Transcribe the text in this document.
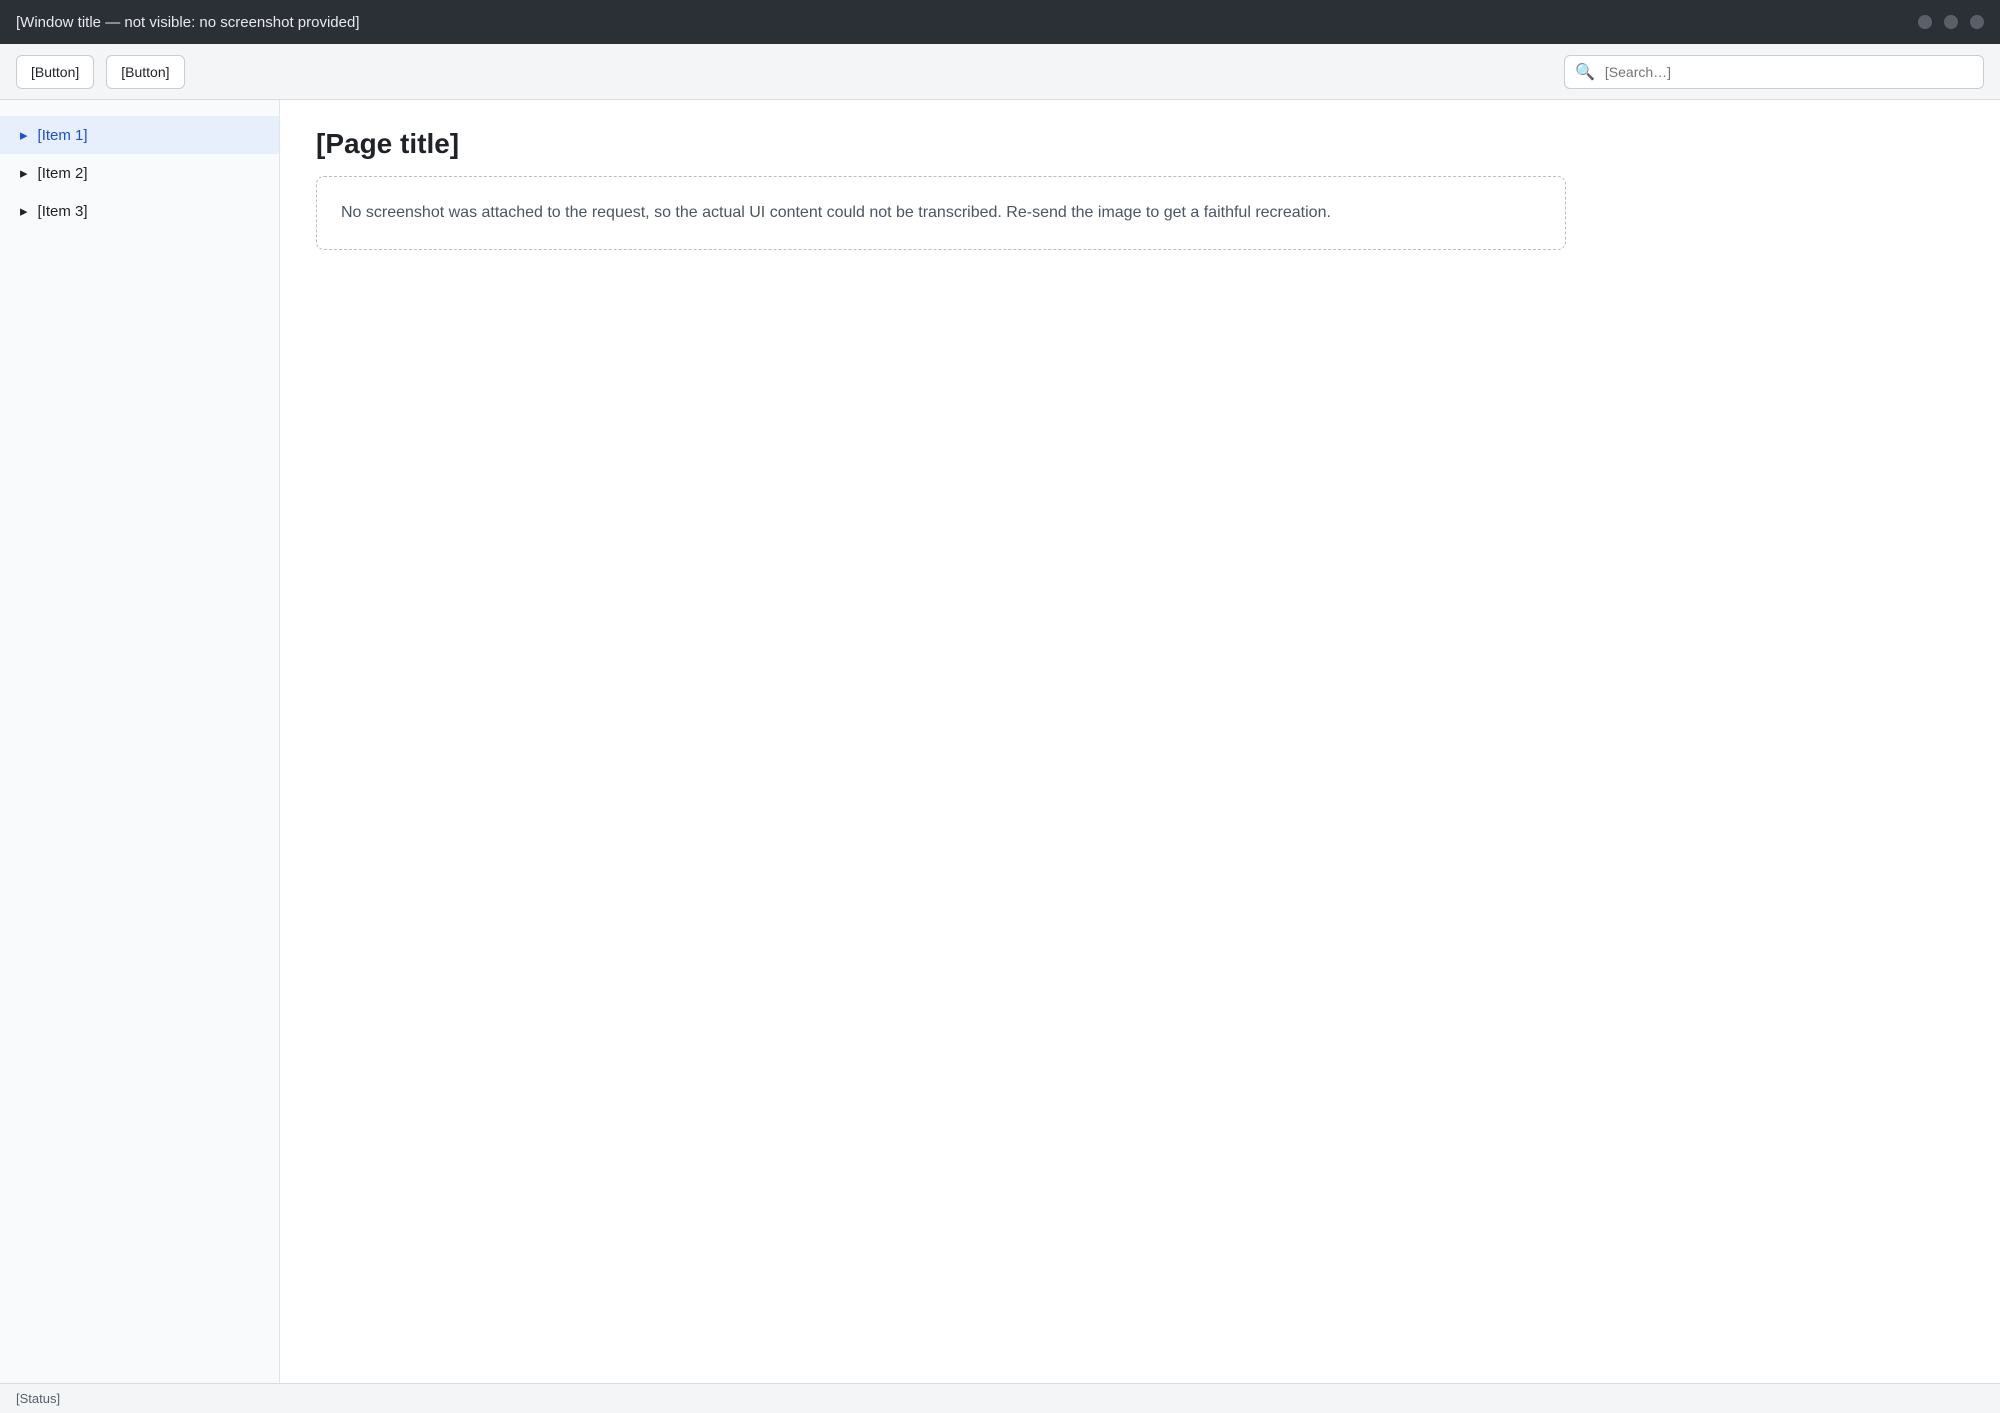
[Window title — not visible: no screenshot provided]
[Button]	[Button]	🔍
[Search…]
▸ [Item 1]
▸ [Item 2]
▸ [Item 3]
[Page title]

No screenshot was attached to the request, so the actual UI content could not be transcribed. Re-send the image to get a faithful recreation.

[Status]
